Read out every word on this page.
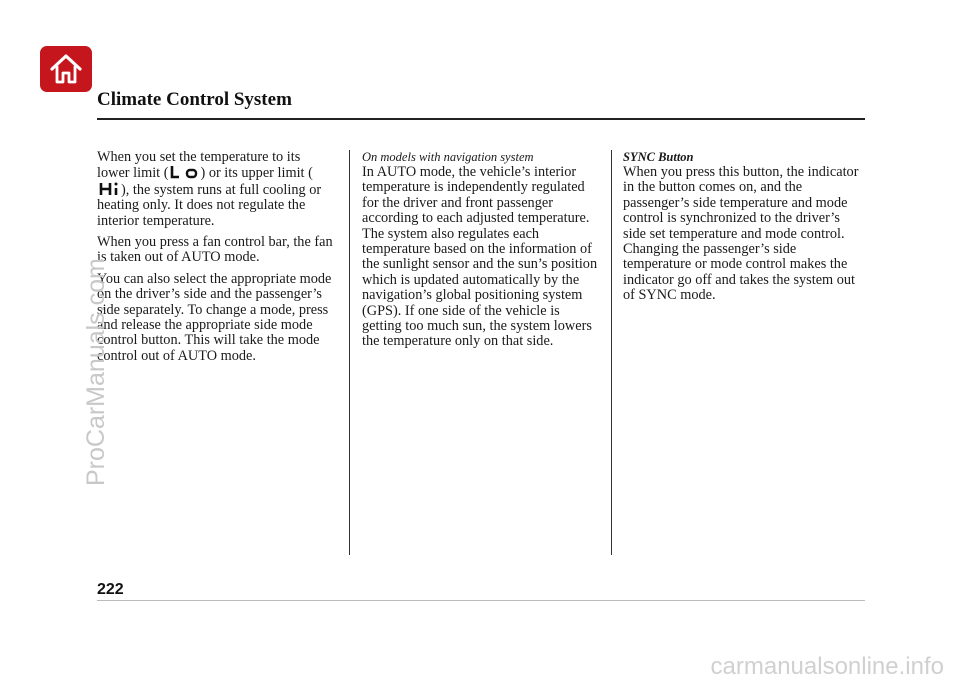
Climate Control System

When you set the temperature to its lower limit ( ) or its upper limit (), the system runs at full cooling or heating only. It does not regulate the interior temperature.

When you press a fan control bar, the fan is taken out of AUTO mode.

You can also select the appropriate mode on the driver’s side and the passenger’s side separately. To change a mode, press and release the appropriate side mode control button. This will take the mode control out of AUTO mode.

On models with navigation system

In AUTO mode, the vehicle’s interior temperature is independently regulated for the driver and front passenger according to each adjusted temperature. The system also regulates each temperature based on the information of the sunlight sensor and the sun’s position which is updated automatically by the navigation’s global positioning system (GPS). If one side of the vehicle is getting too much sun, the system lowers the temperature only on that side.

SYNC Button

When you press this button, the indicator in the button comes on, and the passenger’s side temperature and mode control is synchronized to the driver’s side set temperature and mode control. Changing the passenger’s side temperature or mode control makes the indicator go off and takes the system out of SYNC mode.

222
ProCarManuals.com
carmanualsonline.info
